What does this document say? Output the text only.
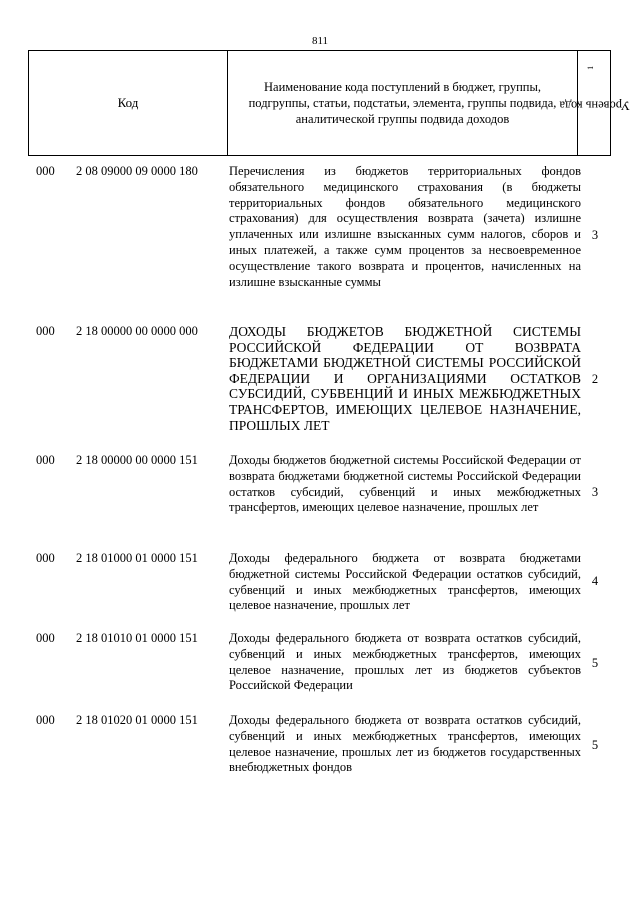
811
Код
Наименование кода поступлений в бюджет, группы, подгруппы, статьи, подстатьи, элемента, группы подвида, аналитической группы подвида доходов
Уровень кода$^1$
000 2 08 09000 09 0000 180 Перечисления из бюджетов территориальных фондов обязательного медицинского страхования (в бюджеты территориальных фондов обязательного медицинского страхования) для осуществления возврата (зачета) излишне уплаченных или излишне взысканных сумм налогов, сборов и иных платежей, а также сумм процентов за несвоевременное осуществление такого возврата и процентов, начисленных на излишне взысканные суммы
3
000 2 18 00000 00 0000 000 ДОХОДЫ БЮДЖЕТОВ БЮДЖЕТНОЙ СИСТЕМЫ РОССИЙСКОЙ ФЕДЕРАЦИИ ОТ ВОЗВРАТА БЮДЖЕТАМИ БЮДЖЕТНОЙ СИСТЕМЫ РОССИЙСКОЙ ФЕДЕРАЦИИ И ОРГАНИЗАЦИЯМИ ОСТАТКОВ СУБСИДИЙ, СУБВЕНЦИЙ И ИНЫХ МЕЖБЮДЖЕТНЫХ ТРАНСФЕРТОВ, ИМЕЮЩИХ ЦЕЛЕВОЕ НАЗНАЧЕНИЕ, ПРОШЛЫХ ЛЕТ
2
000 2 18 00000 00 0000 151 Доходы бюджетов бюджетной системы Российской Федерации от возврата бюджетами бюджетной системы Российской Федерации остатков субсидий, субвенций и иных межбюджетных трансфертов, имеющих целевое назначение, прошлых лет
3
000 2 18 01000 01 0000 151 Доходы федерального бюджета от возврата бюджетами бюджетной системы Российской Федерации остатков субсидий, субвенций и иных межбюджетных трансфертов, имеющих целевое назначение, прошлых лет
4
000 2 18 01010 01 0000 151 Доходы федерального бюджета от возврата остатков субсидий, субвенций и иных межбюджетных трансфертов, имеющих целевое назначение, прошлых лет из бюджетов субъектов Российской Федерации
5
000 2 18 01020 01 0000 151 Доходы федерального бюджета от возврата остатков субсидий, субвенций и иных межбюджетных трансфертов, имеющих целевое назначение, прошлых лет из бюджетов государственных внебюджетных фондов
5
